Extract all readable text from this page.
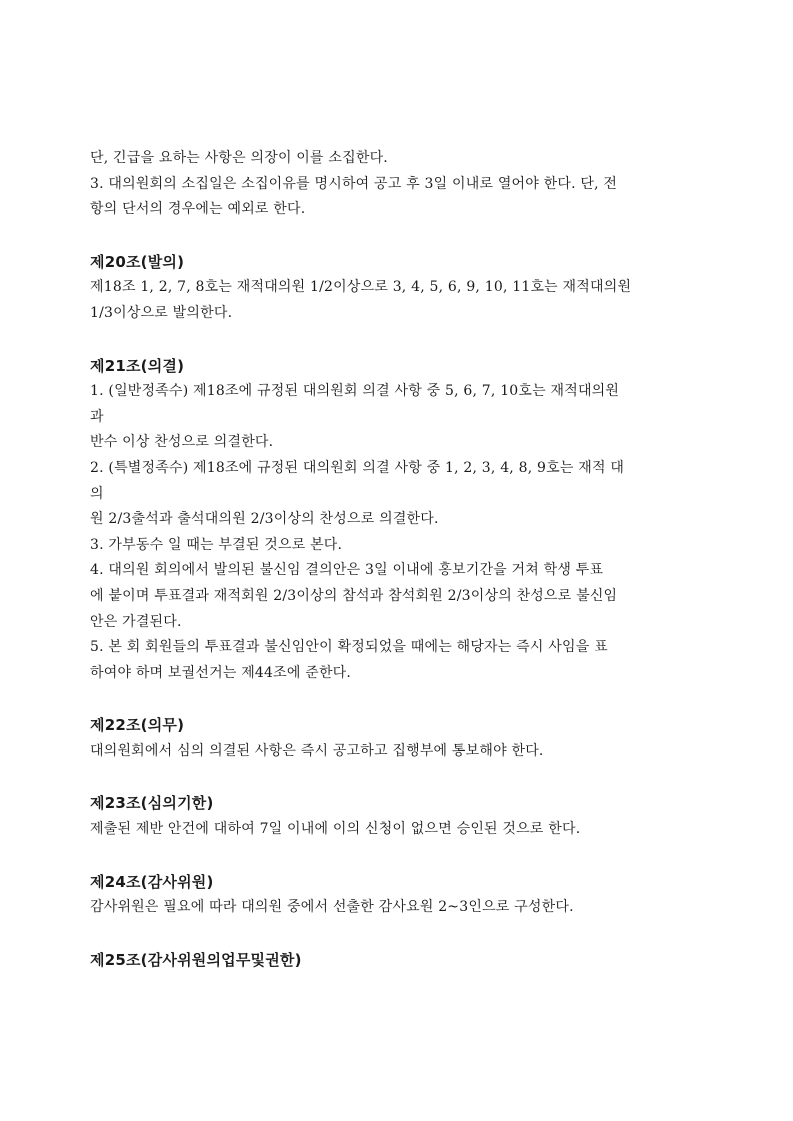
단, 긴급을 요하는 사항은 의장이 이를 소집한다.
3. 대의원회의 소집일은 소집이유를 명시하여 공고 후 3일 이내로 열어야 한다. 단, 전
항의 단서의 경우에는 예외로 한다.
제20조(발의)
제18조 1, 2, 7, 8호는 재적대의원 1/2이상으로 3, 4, 5, 6, 9, 10, 11호는 재적대의원
1/3이상으로 발의한다.
제21조(의결)
1. (일반정족수) 제18조에 규정된 대의원회 의결 사항 중 5, 6, 7, 10호는 재적대의원
과
반수 이상 찬성으로 의결한다.
2. (특별정족수) 제18조에 규정된 대의원회 의결 사항 중 1, 2, 3, 4, 8, 9호는 재적 대
의
원 2/3출석과 출석대의원 2/3이상의 찬성으로 의결한다.
3. 가부동수 일 때는 부결된 것으로 본다.
4. 대의원 회의에서 발의된 불신임 결의안은 3일 이내에 홍보기간을 거쳐 학생 투표
에 붙이며 투표결과 재적회원 2/3이상의 참석과 참석회원 2/3이상의 찬성으로 불신임
안은 가결된다.
5. 본 회 회원들의 투표결과 불신임안이 확정되었을 때에는 해당자는 즉시 사임을 표
하여야 하며 보궐선거는 제44조에 준한다.
제22조(의무)
대의원회에서 심의 의결된 사항은 즉시 공고하고 집행부에 통보해야 한다.
제23조(심의기한)
제출된 제반 안건에 대하여 7일 이내에 이의 신청이 없으면 승인된 것으로 한다.
제24조(감사위원)
감사위원은 필요에 따라 대의원 중에서 선출한 감사요원 2~3인으로 구성한다.
제25조(감사위원의업무및권한)
